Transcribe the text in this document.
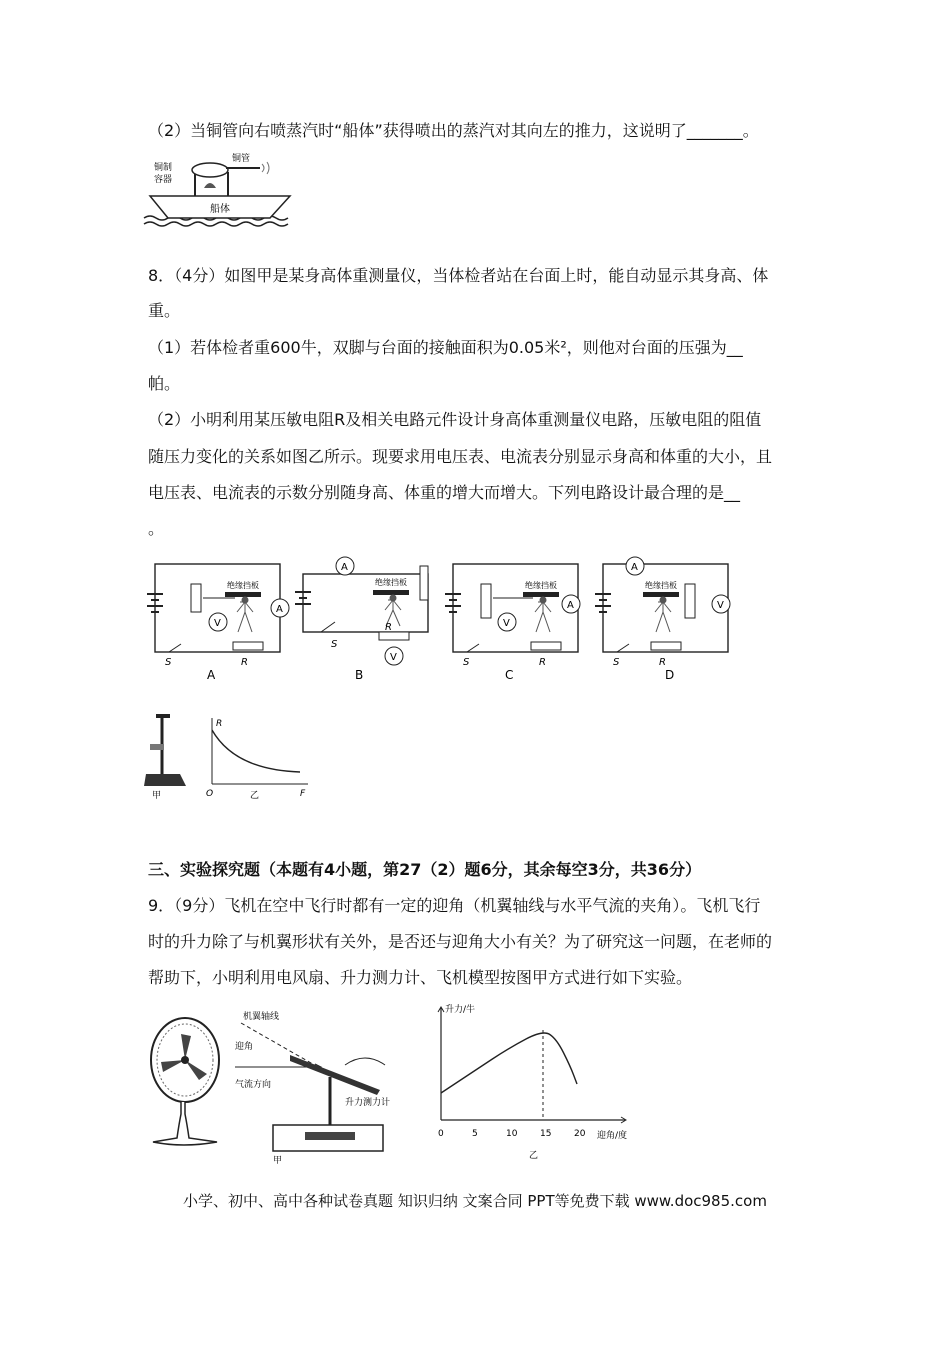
（2）当铜管向右喷蒸汽时“船体”获得喷出的蒸汽对其向左的推力，这说明了_______。
船体
铜制
容器
铜管
8．（4分）如图甲是某身高体重测量仪，当体检者站在台面上时，能自动显示其身高、体
重。
（1）若体检者重600牛，双脚与台面的接触面积为0.05米²，则他对台面的压强为__
帕。
（2）小明利用某压敏电阻R及相关电路元件设计身高体重测量仪电路，压敏电阻的阻值
随压力变化的关系如图乙所示。现要求用电压表、电流表分别显示身高和体重的大小，且
电压表、电流表的示数分别随身高、体重的增大而增大。下列电路设计最合理的是__
。
绝缘挡板
V
A
S	R
A
A
绝缘挡板
V
S
R
B
绝缘挡板
V
A
S	R
C
A
绝缘挡板
V
S	R
D
甲
R
F
O	乙
三、实验探究题（本题有4小题，第27（2）题6分，其余每空3分，共36分）
9．（9分）飞机在空中飞行时都有一定的迎角（机翼轴线与水平气流的夹角）。飞机飞行
时的升力除了与机翼形状有关外，是否还与迎角大小有关？为了研究这一问题，在老师的
帮助下，小明利用电风扇、升力测力计、飞机模型按图甲方式进行如下实验。
机翼轴线
迎角
气流方向
升力测力计
甲
升力/牛
迎角/度
乙
0	5	10	15	20
小学、初中、高中各种试卷真题 知识归纳 文案合同 PPT等免费下载 www.doc985.com
